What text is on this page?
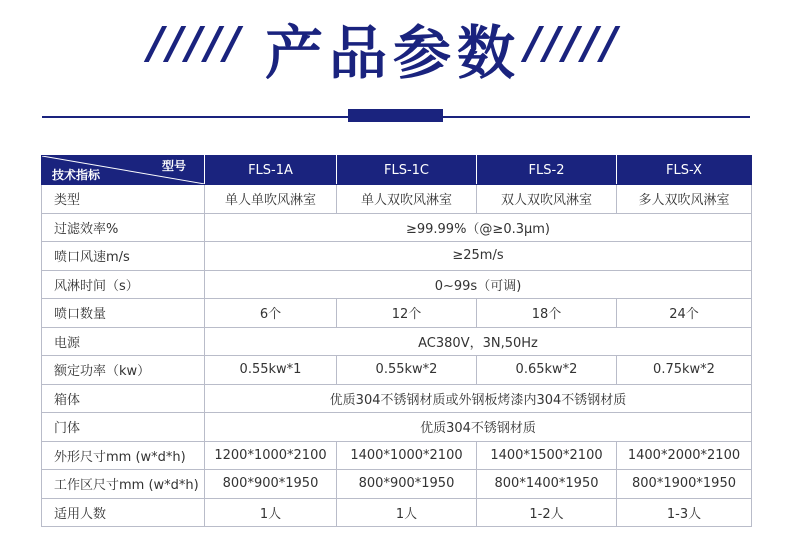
///// 产品参数 /////
型号
技术指标	FLS-1A	FLS-1C	FLS-2	FLS-X
类型	单人单吹风淋室	单人双吹风淋室	双人双吹风淋室	多人双吹风淋室
过滤效率%	≥99.99%（@≥0.3μm)			
喷口风速m/s	≥25m/s			
风淋时间（s）	0~99s（可调)			
喷口数量	6个	12个	18个	24个
电源	AC380V，3N,50Hz			
额定功率（kw）	0.55kw*1	0.55kw*2	0.65kw*2	0.75kw*2
箱体	优质304不锈钢材质或外钢板烤漆内304不锈钢材质			
门体	优质304不锈钢材质			
外形尺寸mm (w*d*h)	1200*1000*2100	1400*1000*2100	1400*1500*2100	1400*2000*2100
工作区尺寸mm (w*d*h)	800*900*1950	800*900*1950	800*1400*1950	800*1900*1950
适用人数	1人	1人	1-2人	1-3人
